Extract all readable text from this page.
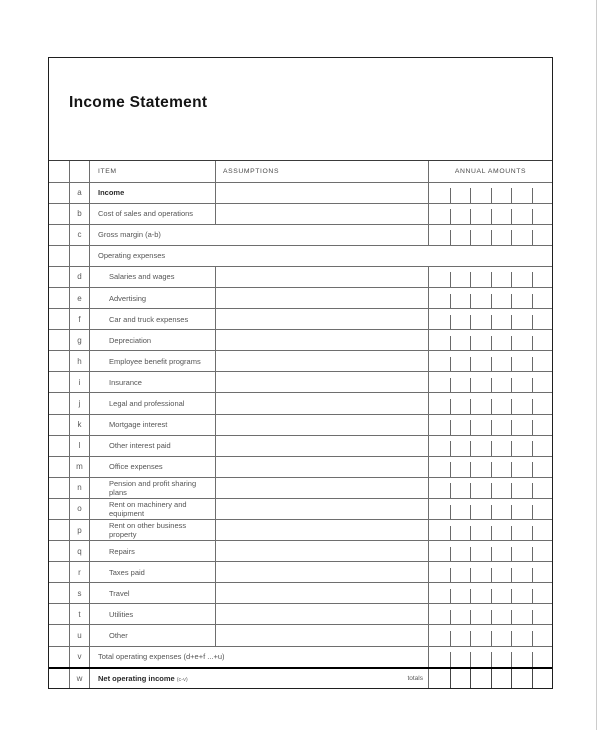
Income Statement
ITEM	ASSUMPTIONS	ANNUAL AMOUNTS
a	Income
b	Cost of sales and operations
c	Gross margin (a-b)
Operating expenses
d	Salaries and wages
e	Advertising
f	Car and truck expenses
g	Depreciation
h	Employee benefit programs
i	Insurance
j	Legal and professional
k	Mortgage interest
l	Other interest paid
m	Office expenses
n	Pension and profit sharing plans
o	Rent on machinery and equipment
p	Rent on other business property
q	Repairs
r	Taxes paid
s	Travel
t	Utilities
u	Other
v	Total operating expenses (d+e+f ...+u)
w	Net operating income (c-v)	totals
